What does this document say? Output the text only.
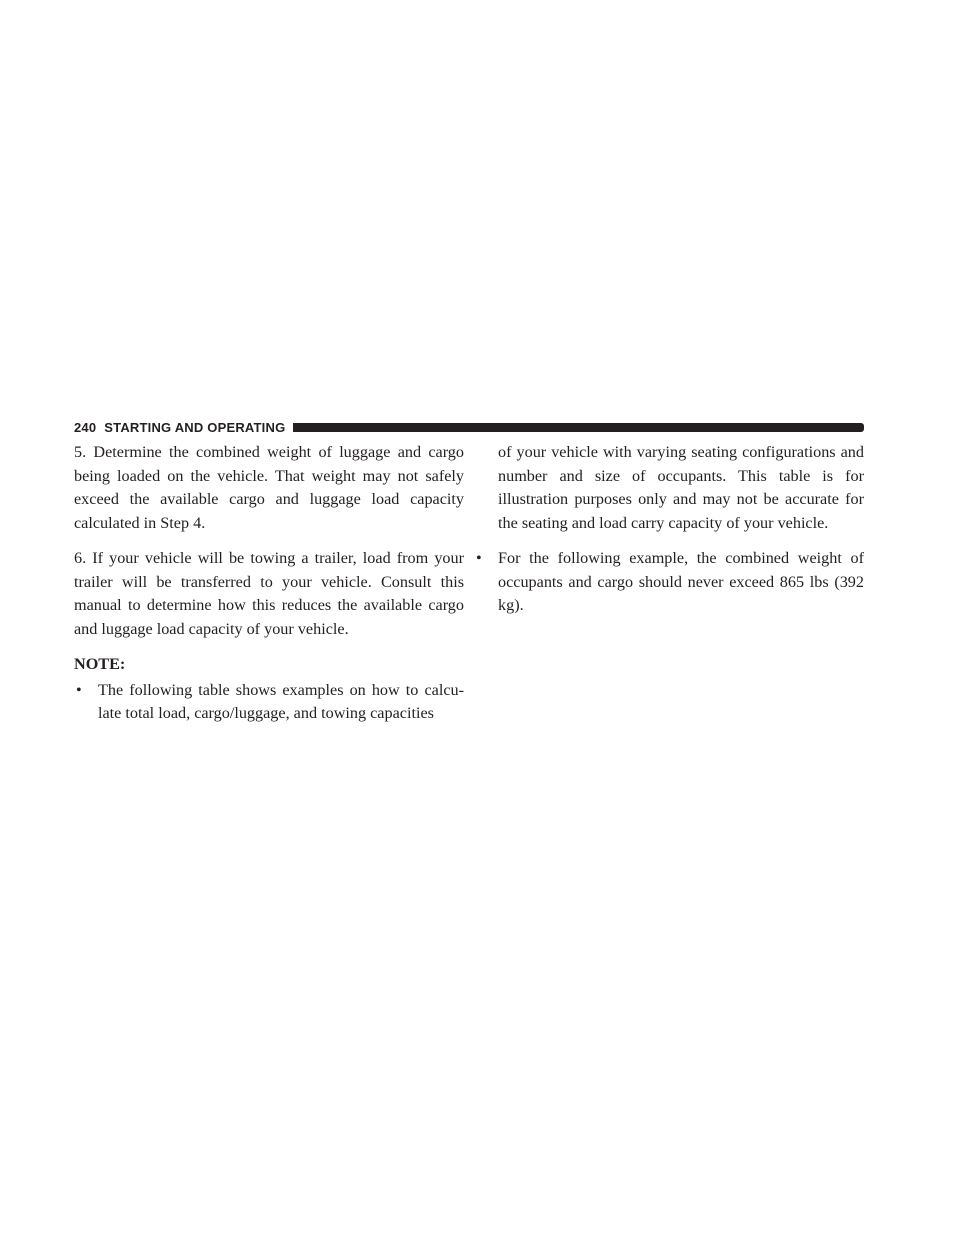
240 STARTING AND OPERATING

5. Determine the combined weight of luggage and cargo being loaded on the vehicle. That weight may not safely exceed the available cargo and luggage load capacity calculated in Step 4.

6. If your vehicle will be towing a trailer, load from your trailer will be transferred to your vehicle. Consult this manual to determine how this reduces the available cargo and luggage load capacity of your vehicle.

NOTE:
• The following table shows examples on how to calcu-late total load, cargo/luggage, and towing capacities
of your vehicle with varying seating configurations and number and size of occupants. This table is for illustration purposes only and may not be accurate for the seating and load carry capacity of your vehicle.
• For the following example, the combined weight of occupants and cargo should never exceed 865 lbs (392 kg).
